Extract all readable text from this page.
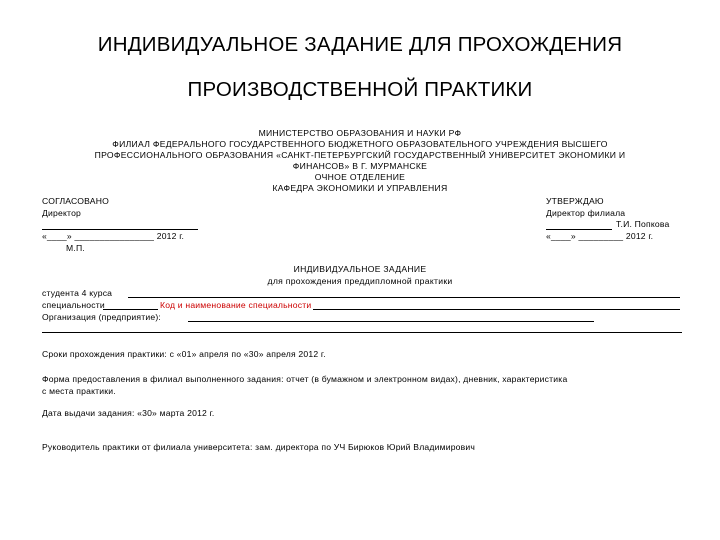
ИНДИВИДУАЛЬНОЕ ЗАДАНИЕ ДЛЯ ПРОХОЖДЕНИЯ
ПРОИЗВОДСТВЕННОЙ ПРАКТИКИ
МИНИСТЕРСТВО ОБРАЗОВАНИЯ И НАУКИ РФ
ФИЛИАЛ ФЕДЕРАЛЬНОГО ГОСУДАРСТВЕННОГО БЮДЖЕТНОГО ОБРАЗОВАТЕЛЬНОГО УЧРЕЖДЕНИЯ ВЫСШЕГО
ПРОФЕССИОНАЛЬНОГО ОБРАЗОВАНИЯ «САНКТ-ПЕТЕРБУРГСКИЙ ГОСУДАРСТВЕННЫЙ УНИВЕРСИТЕТ ЭКОНОМИКИ И
ФИНАНСОВ» В Г. МУРМАНСКЕ
ОЧНОЕ ОТДЕЛЕНИЕ
КАФЕДРА ЭКОНОМИКИ И УПРАВЛЕНИЯ
СОГЛАСОВАНО
Директор
«____» ________________ 2012 г.
М.П.
УТВЕРЖДАЮ
Директор филиала
Т.И. Попкова
«____» _________ 2012 г.
ИНДИВИДУАЛЬНОЕ ЗАДАНИЕ
для прохождения преддипломной практики
студента 4 курса
специальности	Код и наименование специальности
Организация (предприятие):
Сроки прохождения практики: с «01» апреля по «30» апреля 2012 г.
Форма предоставления в филиал выполненного задания: отчет (в бумажном и электронном видах), дневник, характеристика
с места практики.
Дата выдачи задания: «30» марта 2012 г.
Руководитель практики от филиала университета: зам. директора по УЧ Бирюков Юрий Владимирович
